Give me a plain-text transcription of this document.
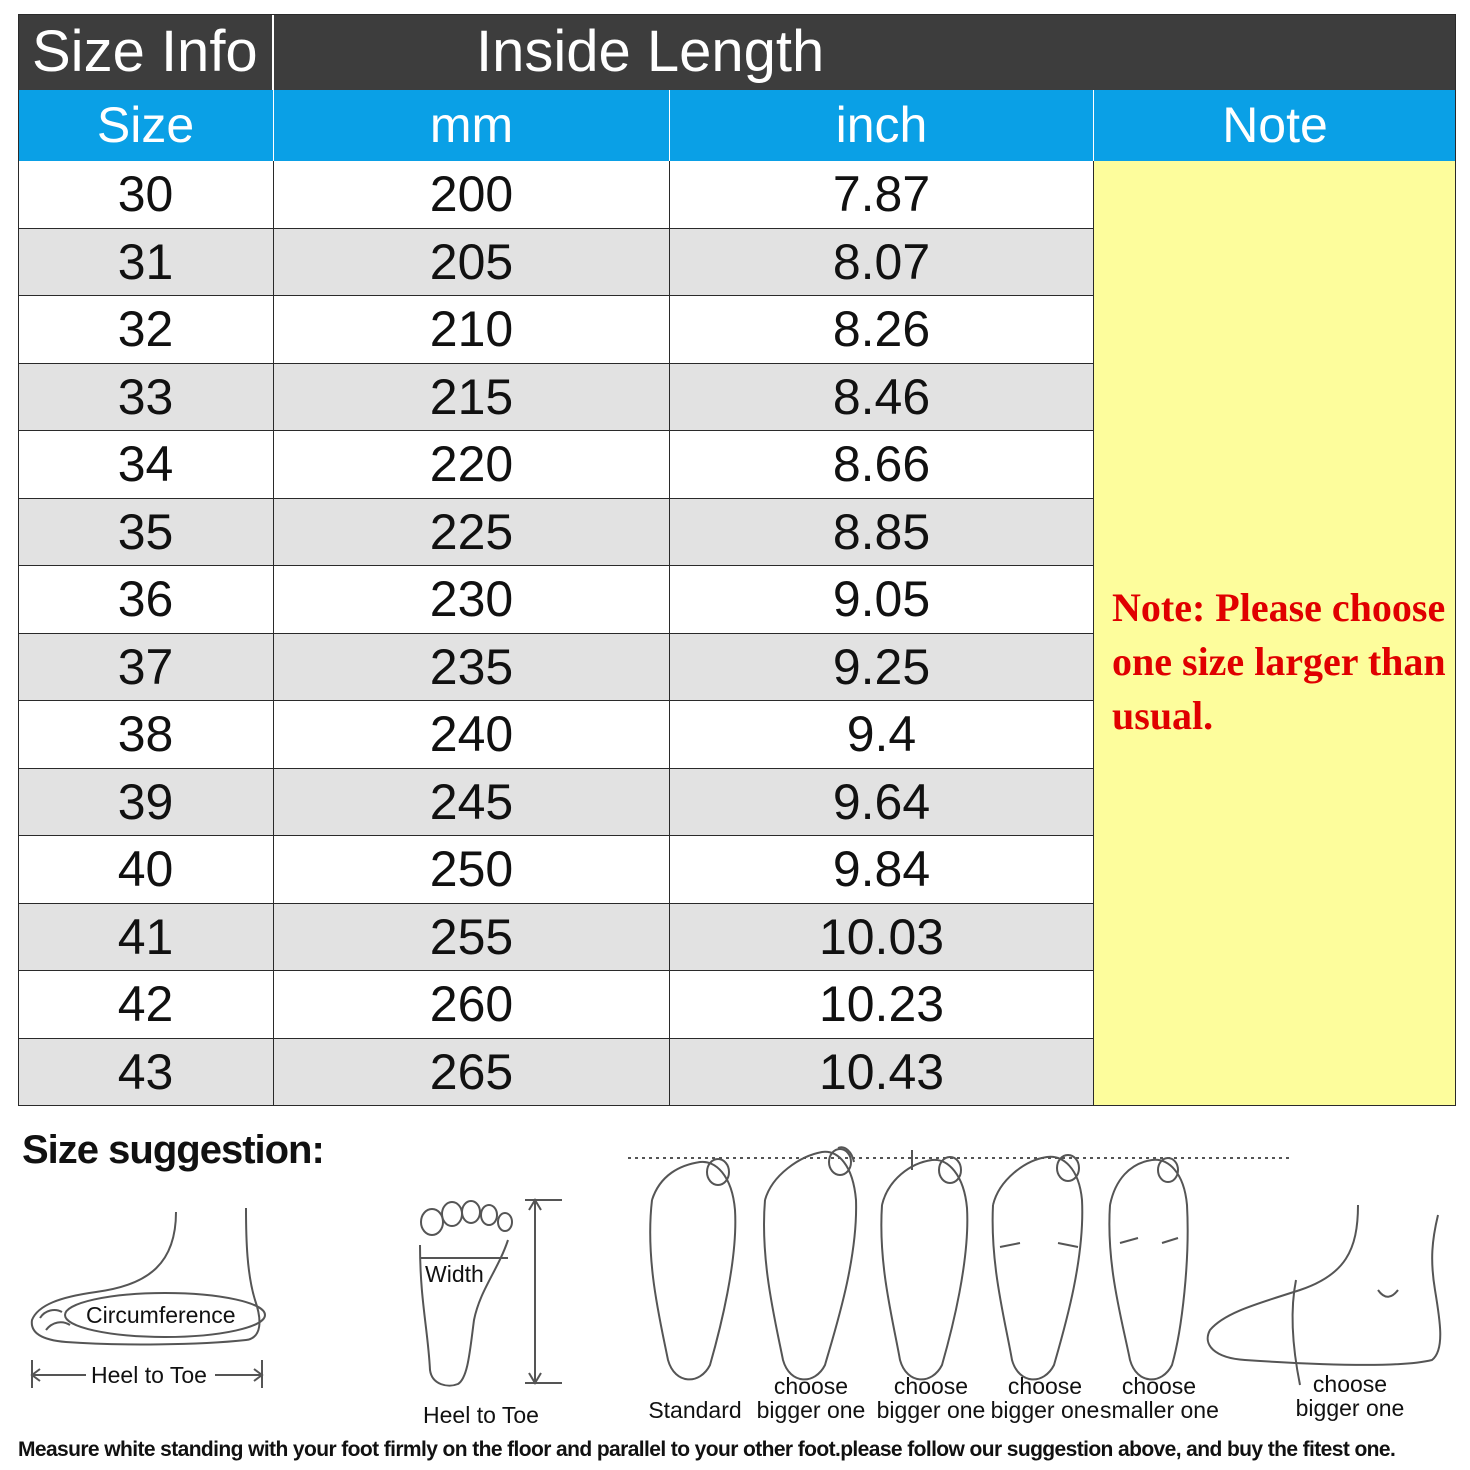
Size Info	Inside Length
Size	mm	inch	Note
30	200	7.87
31	205	8.07
32	210	8.26
33	215	8.46
34	220	8.66
35	225	8.85
36	230	9.05
37	235	9.25
38	240	9.4
39	245	9.64
40	250	9.84
41	255	10.03
42	260	10.23
43	265	10.43
Note: Please choose one size larger than usual.
Size suggestion:
Circumference
Heel to Toe
Width
Heel to Toe	Standard
choose
bigger one
choose
bigger one
choose
bigger one
choose
smaller one
choose
bigger one
Measure white standing with your foot firmly on the floor and parallel to your other foot.please follow our suggestion above, and buy the fitest one.
